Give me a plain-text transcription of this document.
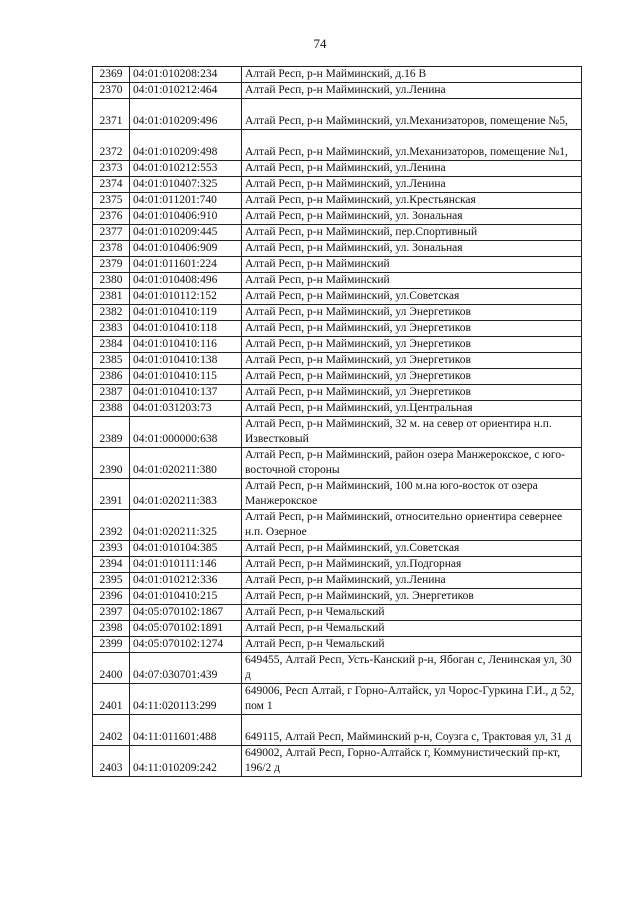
74
2369	04:01:010208:234	Алтай Респ, р-н Майминский, д.16 В
2370	04:01:010212:464	Алтай Респ, р-н Майминский, ул.Ленина
2371	04:01:010209:496	Алтай Респ, р-н Майминский, ул.Механизаторов, помещение №5,
2372	04:01:010209:498	Алтай Респ, р-н Майминский, ул.Механизаторов, помещение №1,
2373	04:01:010212:553	Алтай Респ, р-н Майминский, ул.Ленина
2374	04:01:010407:325	Алтай Респ, р-н Майминский, ул.Ленина
2375	04:01:011201:740	Алтай Респ, р-н Майминский, ул.Крестьянская
2376	04:01:010406:910	Алтай Респ, р-н Майминский, ул. Зональная
2377	04:01:010209:445	Алтай Респ, р-н Майминский, пер.Спортивный
2378	04:01:010406:909	Алтай Респ, р-н Майминский, ул. Зональная
2379	04:01:011601:224	Алтай Респ, р-н Майминский
2380	04:01:010408:496	Алтай Респ, р-н Майминский
2381	04:01:010112:152	Алтай Респ, р-н Майминский, ул.Советская
2382	04:01:010410:119	Алтай Респ, р-н Майминский, ул Энергетиков
2383	04:01:010410:118	Алтай Респ, р-н Майминский, ул Энергетиков
2384	04:01:010410:116	Алтай Респ, р-н Майминский, ул Энергетиков
2385	04:01:010410:138	Алтай Респ, р-н Майминский, ул Энергетиков
2386	04:01:010410:115	Алтай Респ, р-н Майминский, ул Энергетиков
2387	04:01:010410:137	Алтай Респ, р-н Майминский, ул Энергетиков
2388	04:01:031203:73	Алтай Респ, р-н Майминский, ул.Центральная
2389	04:01:000000:638	Алтай Респ, р-н Майминский, 32 м. на север от ориентира н.п. Известковый
2390	04:01:020211:380	Алтай Респ, р-н Майминский, район озера Манжерокское, с юго-восточной стороны
2391	04:01:020211:383	Алтай Респ, р-н Майминский, 100 м.на юго-восток от озера Манжерокское
2392	04:01:020211:325	Алтай Респ, р-н Майминский, относительно ориентира севернее н.п. Озерное
2393	04:01:010104:385	Алтай Респ, р-н Майминский, ул.Советская
2394	04:01:010111:146	Алтай Респ, р-н Майминский, ул.Подгорная
2395	04:01:010212:336	Алтай Респ, р-н Майминский, ул.Ленина
2396	04:01:010410:215	Алтай Респ, р-н Майминский, ул. Энергетиков
2397	04:05:070102:1867	Алтай Респ, р-н Чемальский
2398	04:05:070102:1891	Алтай Респ, р-н Чемальский
2399	04:05:070102:1274	Алтай Респ, р-н Чемальский
2400	04:07:030701:439	649455, Алтай Респ, Усть-Канский р-н, Ябоган с, Ленинская ул, 30 д
2401	04:11:020113:299	649006, Респ Алтай, г Горно-Алтайск, ул Чорос-Гуркина Г.И., д 52, пом 1
2402	04:11:011601:488	649115, Алтай Респ, Майминский р-н, Соузга с, Трактовая ул, 31 д
2403	04:11:010209:242	649002, Алтай Респ, Горно-Алтайск г, Коммунистический пр-кт, 196/2 д
